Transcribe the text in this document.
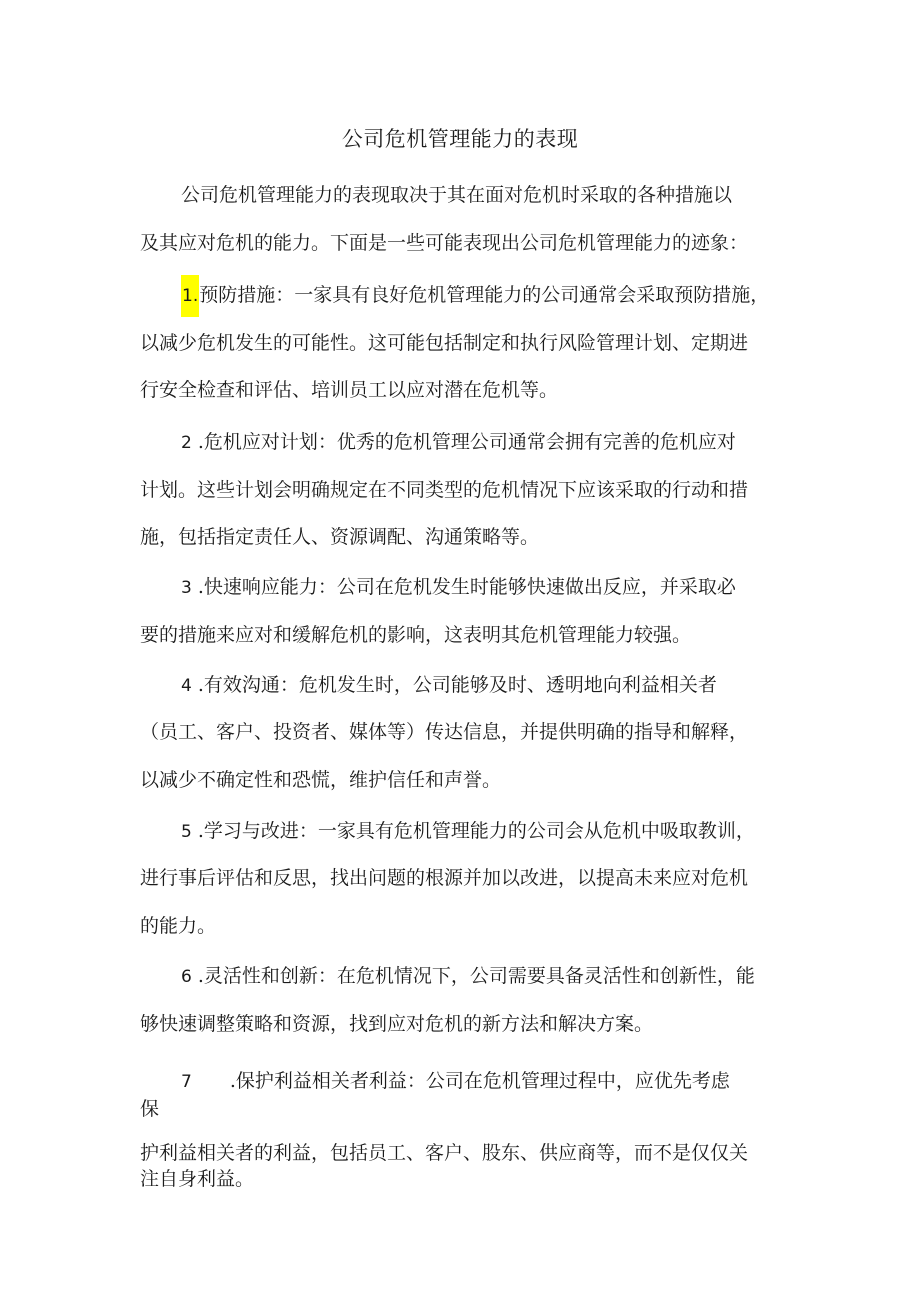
公司危机管理能力的表现
公司危机管理能力的表现取决于其在面对危机时采取的各种措施以
及其应对危机的能力。下面是一些可能表现出公司危机管理能力的迹象：
1.预防措施：一家具有良好危机管理能力的公司通常会采取预防措施，
以减少危机发生的可能性。这可能包括制定和执行风险管理计划、定期进
行安全检查和评估、培训员工以应对潜在危机等。
2 .危机应对计划：优秀的危机管理公司通常会拥有完善的危机应对
计划。这些计划会明确规定在不同类型的危机情况下应该采取的行动和措
施，包括指定责任人、资源调配、沟通策略等。
3 .快速响应能力：公司在危机发生时能够快速做出反应，并采取必
要的措施来应对和缓解危机的影响，这表明其危机管理能力较强。
4 .有效沟通：危机发生时，公司能够及时、透明地向利益相关者
（员工、客户、投资者、媒体等）传达信息，并提供明确的指导和解释，
以减少不确定性和恐慌，维护信任和声誉。
5 .学习与改进：一家具有危机管理能力的公司会从危机中吸取教训，
进行事后评估和反思，找出问题的根源并加以改进，以提高未来应对危机
的能力。
6 .灵活性和创新：在危机情况下，公司需要具备灵活性和创新性，能
够快速调整策略和资源，找到应对危机的新方法和解决方案。
7 .保护利益相关者利益：公司在危机管理过程中，应优先考虑
保
护利益相关者的利益，包括员工、客户、股东、供应商等，而不是仅仅关
注自身利益。
